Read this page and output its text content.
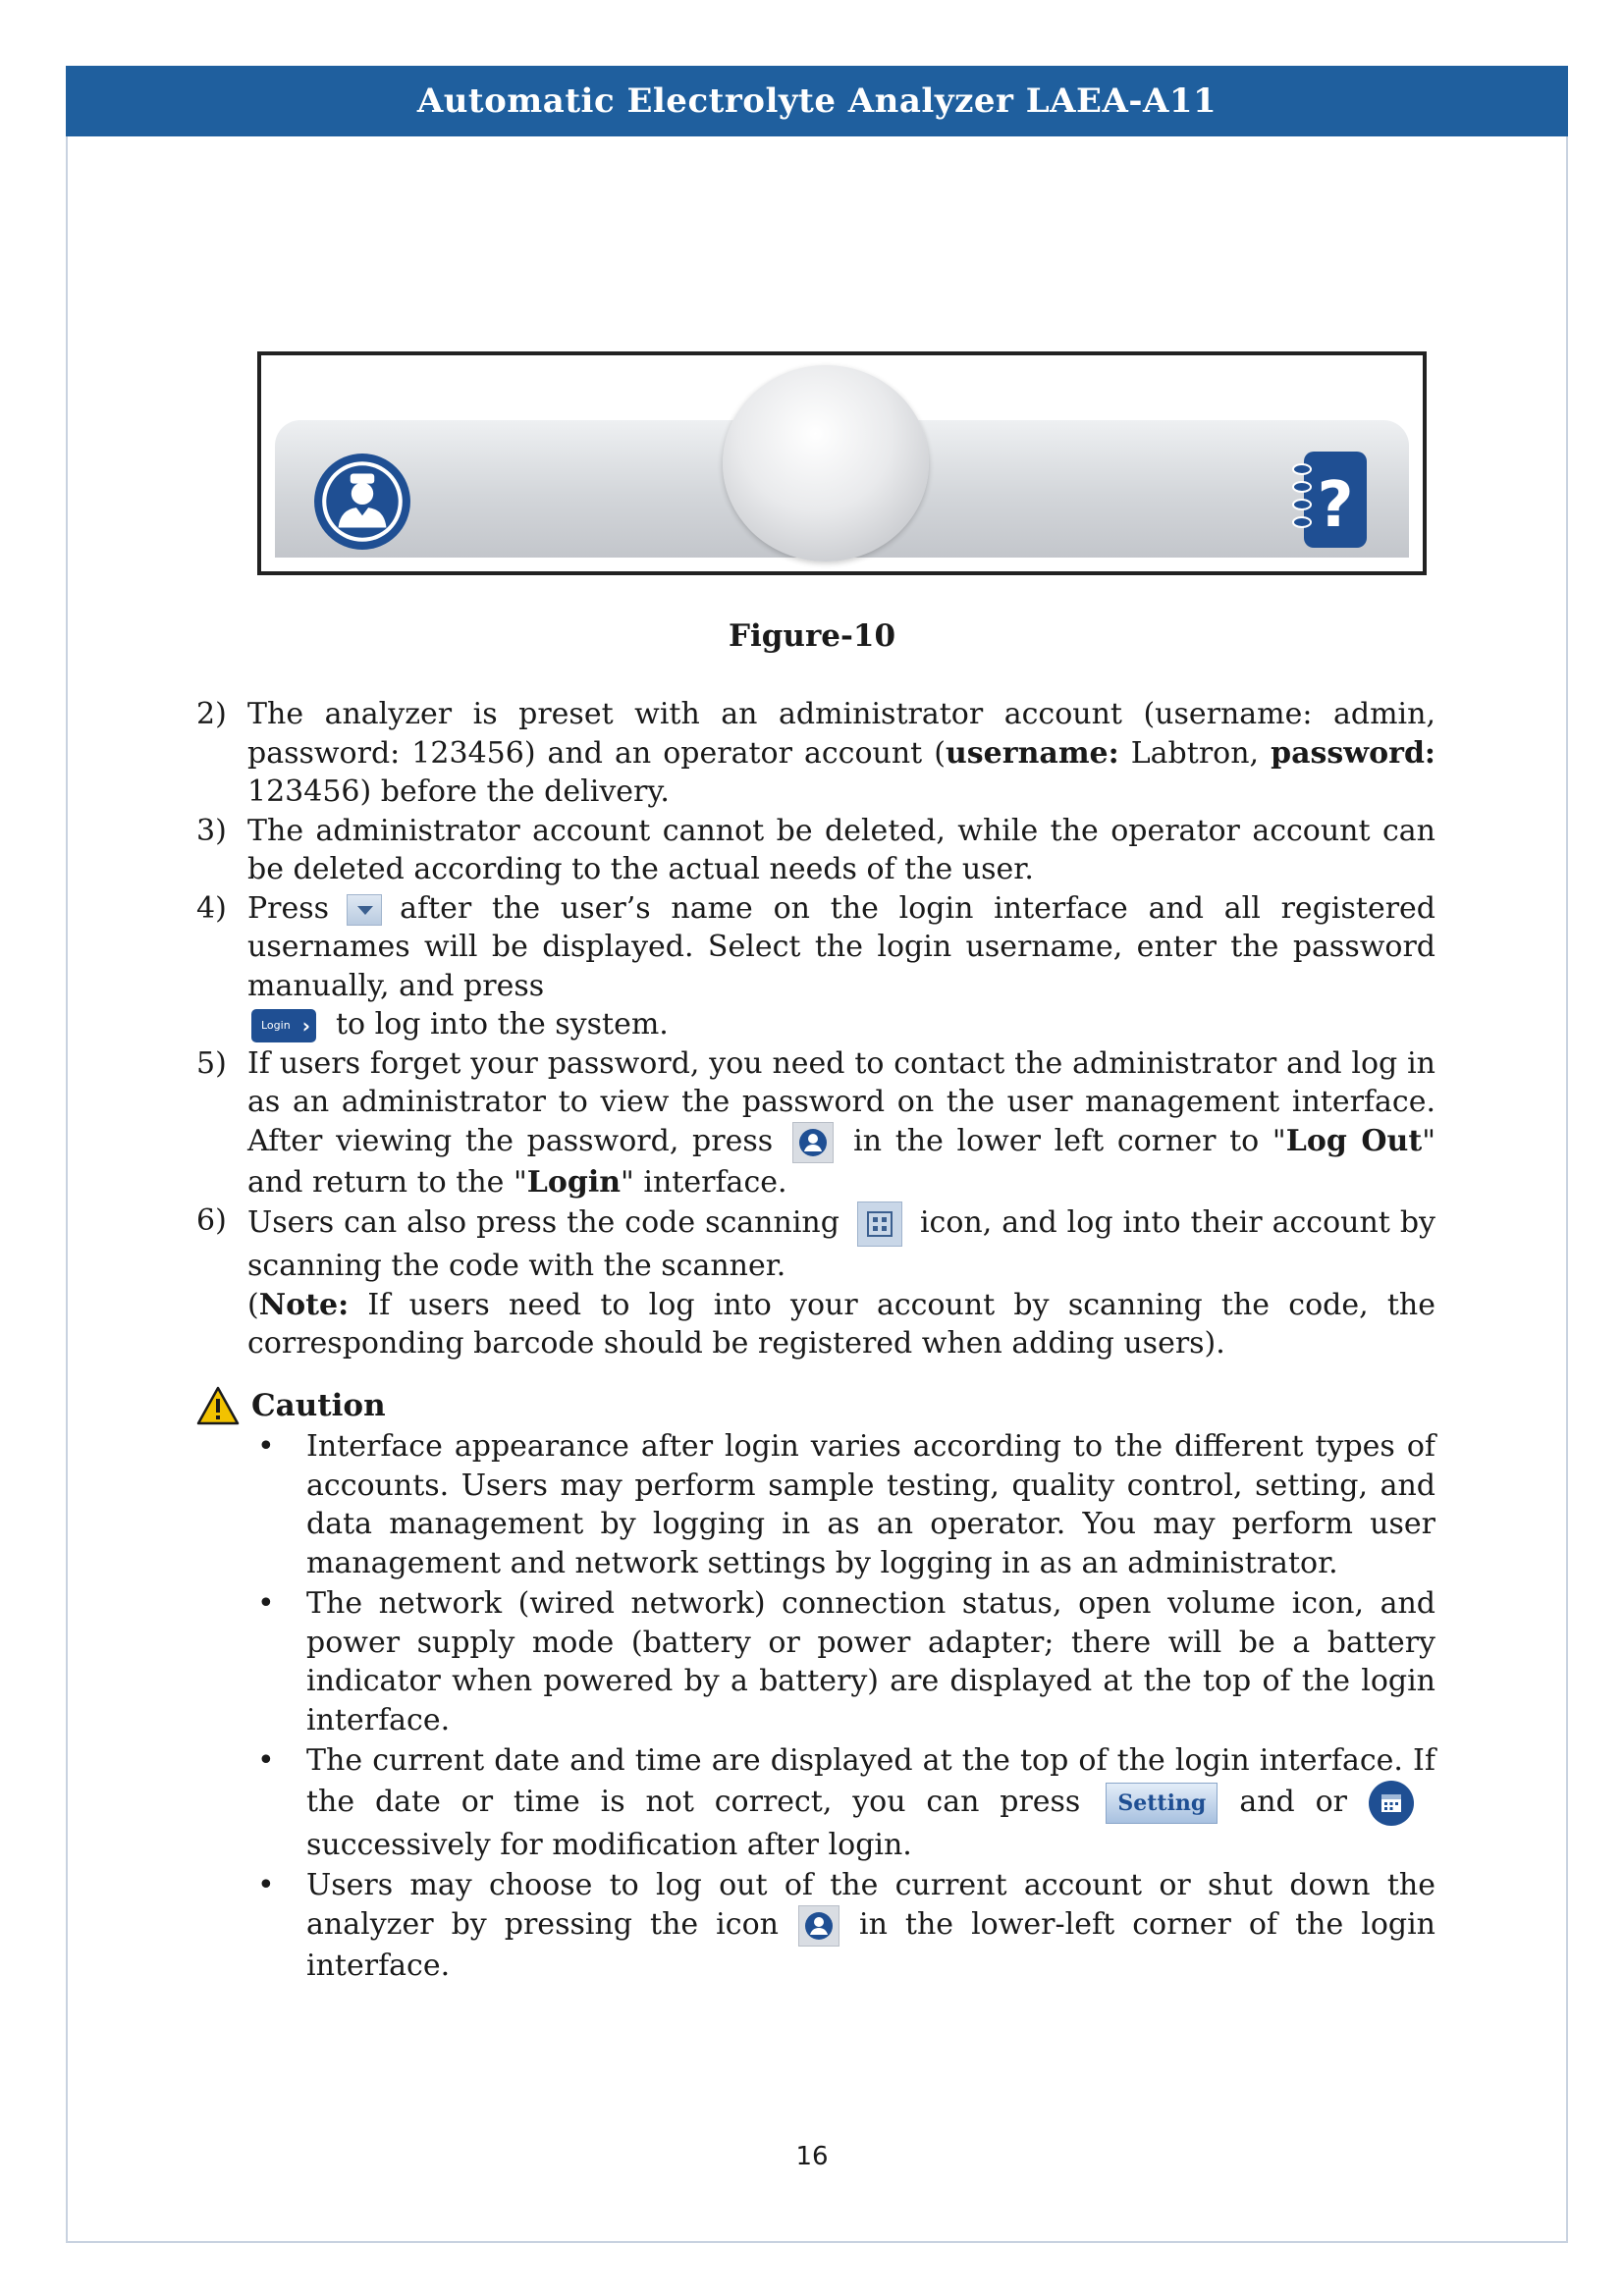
Automatic Electrolyte Analyzer LAEA-A11
?
Figure-10
2) The analyzer is preset with an administrator account (username: admin, password: 123456) and an operator account (username: Labtron, password: 123456) before the delivery.
3) The administrator account cannot be deleted, while the operator account can be deleted according to the actual needs of the user.
4) Press after the user’s name on the login interface and all registered usernames will be displayed. Select the login username, enter the password manually, and press
Login › to log into the system.
5) If users forget your password, you need to contact the administrator and log in as an administrator to view the password on the user management interface. After viewing the password, press	in the lower left corner to "Log Out" and return to the "Login" interface.
6) Users can also press the code scanning	icon, and log into their account by scanning the code with the scanner.
(Note: If users need to log into your account by scanning the code, the corresponding barcode should be registered when adding users).
Caution
• Interface appearance after login varies according to the different types of accounts. Users may perform sample testing, quality control, setting, and data management by logging in as an operator. You may perform user management and network settings by logging in as an administrator.
• The network (wired network) connection status, open volume icon, and power supply mode (battery or power adapter; there will be a battery indicator when powered by a battery) are displayed at the top of the login interface.
• The current date and time are displayed at the top of the login interface. If the date or time is not correct, you can press Setting and orsuccessively for modification after login.
• Users may choose to log out of the current account or shut down the analyzer by pressing the icon	in the lower-left corner of the login interface.
16
